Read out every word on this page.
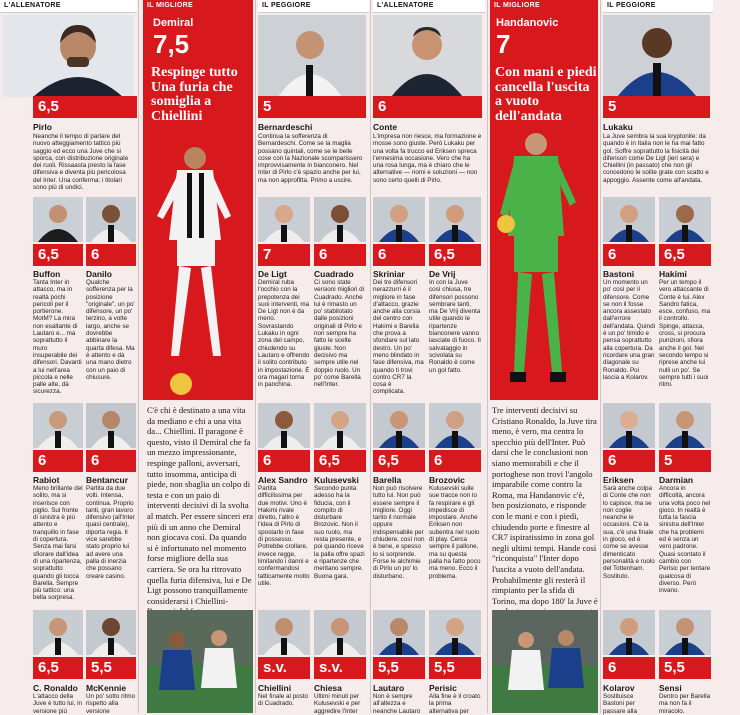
L'ALLENATORE
6,5
Pirlo
Neanche il tempo di parlare del nuovo atteggiamento tattico più saggio ed ecco una Juve che si sporca, con distribuzione originale dei ruoli. Rissaasta presto la fase difensiva e diventa più pericolosa del Inter. Una conferma: i titolari sono più di undici.
6,5	6
Buffon	Danilo
Tanta Inter in attacco, ma in realtà pochi pericoli per il portierone. MotM? La mira non esaltante di Lautaro e... ma soprattutto il muro insuperabile dei difensori. Davanti a lui nell'area piccola e nelle palle alte, dà sicurezza.
Qualche sofferenza per la posizione "originale", un po' difensore, un po' terzino, a volte largo, anche se dovrebbe abbinare la quarta difesa. Ma è attento e dà una mano dietro con un paio di chiusure.
6	6
Rabiot	Bentancur
Meno brillante del solito, ma si inserisce con piglio. Sul fronte di sinistra è più attento e tranquillo in fase di copertura. Senza mai farsi sfiorare dall'idea di una ripartenza, soprattutto quando gli tocca Barella. Sempre più tattico: una bella sorpresa.
Partita da due volti. Intensa, continua. Proprio tanti, gran lavoro difensivo (all'Inter quasi centrale), diporta regia. Il vice sarebbe stato proprio lui ad avere una palla di inerzia che possano creare casino.
6,5	5,5
C. Ronaldo McKennie
L'attacco della Juve è tutto lui, in versione più
Un po' sotto ritmo rispetto alla versione
IL MIGLIORE
Demiral
7,5
Respinge tutto Una furia che somiglia a Chiellini
C'è chi è destinato a una vita da mediano e chi a una vita da... Chiellini. Il paragone è questo, visto il Demiral che fa un mezzo impressionante, respinge palloni, avversari, tutto insomma, anticipa di piede, non sbaglia un colpo di testa e con un paio di interventi decisivi di la svolta al match. Per essere sinceri era più di un anno che Demiral non giocava così. Da quando si è infortunato nel momento forse migliore della sua carriera. Se ora ha ritrovato quella furia difensiva, lui e De Ligt possono tranquillamente considerarsi i Chiellini-
IL PEGGIORE
5
Bernardeschi
Continua la sofferenza di Bernardeschi. Come se la maglia possano quintali, come se le belle cose con la Nazionale scomparissero improvvisamente in bianconero. Nel Inter di Pirlo c'è spazio anche per lui, ma non approfitta. Primo a uscire.
7	6
De Ligt	Cuadrado
Demiral ruba l'occhio con la prepotenza dei suoi interventi, ma De Ligt non è da meno. Sovrastando Lukaku in ogni zona del campo, chiudendo su Lautaro e offrendo il solito contributo in impostazione. È ora magari torna in panchina.
Ci sono state versioni migliori di Cuadrado. Anche lui è rimasto un po' stabilotato dalle posizioni originali di Pirlo e non sempre ha fatto le scelte giuste. Non decisivo ma sempre utile nel doppio ruolo. Un po' come Barella nell'Inter.
6	6,5
Alex Sandro Kulusevski
Partita difficilissima per due motivi. Uno è Hakimi rivale diretto, l'altro è l'idea di Pirlo di spostarlo in fase di possesso. Potrebbe crollare, invece regge, limitando i danni e confermandosi tatticamente molto utile.
Secondo punta adesso ha la fiducia, con il compito di disturbare Brozovic. Non il suo ruolo, ma resta presente, e poi quando riceve la palla offre spazi e ripartenze che meritano sempre. Buona gara.
s.v.	s.v.
Chiellini	Chiesa
Nel finale al posto di Cuadrado.
Ultimi minuti per Kulusevski e per aggredire l'Inter
L'ALLENATORE
6
Conte
L'impresa non riesce, ma formazione e mosse sono giuste. Però Lukaku per una volta fa trucco ed Eriksen spreca l'ennesima occasione. Vero che ha una rosa lunga, ma è chiaro che le alternative — nomi e soluzioni — non sono certo quelli di Pirlo.
6	6,5
Skriniar	De Vrij
Dei tre difensori nerazzurri è il migliore in fase d'attacco, grazie anche alla corsia del centro con Hakimi e Barella che prova a sfondare sul lato destro. Un po' meno blindato in fase difensiva, ma quando ti trovi contro CR7 la cosa è complicata.
In con la Juve così chiusa, tre difensori possono sembrare tanti, ma De Vrij diventa utile quando le ripartenze bianconere vanno lasciate di fuoco. Il salvataggio in scivolata su Ronaldo è come un gol fatto.
6,5	6
Barella	Brozovic
Non può risolvere tutto lui. Non può essere sempre il migliore. Oggi tanto il normale oppure indispensabile per chiudere, così non è bene, e spesso lo si sorprende. Forse le alchimie di Pirlo un po' lo disturbano.
Kulusevski sulle sue tracce non lo fa respirare e gli impedisce di impostare. Anche Eriksen non subentra nel ruolo di play. Cerca sempre il pallone, ma su questa palla ha fatto poco ma meno. Ecco il problema.
5,5	5,5
Lautaro	Perisic
Non è sempre all'altezza e neanche Lautaro
Alla fine è il croato la prima alternativa per
IL MIGLIORE
Handanovic
7
Con mani e piedi cancella l'uscita a vuoto dell'andata
Tre interventi decisivi su Cristiano Ronaldo, la Juve tira meno, è vero, ma centra lo specchio più dell'Inter. Può darsi che le conclusioni non siano memorabili e che il portoghese non trovi l'angolo imparabile come contro la Roma, ma Handanovic c'è, ben posizionato, e risponde con le mani e con i piedi, chiudendo porte e finestre al CR7 ispiratissimo in zona gol negli ultimi tempi. Hande così "riconquista" l'Inter dopo l'uscita a vuoto dell'andata. Probabilmente gli resterà il rimpianto per la sfida di Torino, ma dopo 180' la Juve è
IL PEGGIORE
5
Lukaku
La Juve sembra la sua kryptonite: da quando è in Italia non le ha mai fatto gol. Soffre soprattutto la fisicità dei difensori come De Ligt (ieri sera) e Chiellini (in passato) che non gli concedono le solite grate con scatto e appoggio. Assente come all'andata.
6	6,5
Bastoni	Hakimi
Un momento un po' così per il difensore. Come se non il fosse ancora assestato dall'errore dell'andata. Quindi è un po' timido e pensa soprattutto alla copertura. Da ricordare una gran diagonale su Ronaldo. Poi lascia a Kolarov.
Per un tempo il vero attaccante di Conte è lui. Alex Sandro fatica, esce, confuso, ma il controllo. Spinge, attacca, cross, si procura punizioni, sfiora anche il gol. Nel secondo tempo si riprese anche lui nulli un po'. Se sempre tutti i suoi ritmi.
6	5
Eriksen	Darmian
Sarà anche colpa di Conte che non lo capisce, ma se non coglie neanche le occasioni. C'è la sua, c'è una finale in gioco, ed è come se avesse dimenticato personalità e ruolo del Tottenham. Sostituto.
Ancora in difficoltà, ancora una volta poco nel gioco. In realtà è tutta la fascia sinistra dell'Inter che ha problemi ed è senza un vero padrone. Quasi scontato il cambio con Perisic per tentare qualcosa di diverso. Però invano.
6	5,5
Kolarov	Sensi
Sostituisce Bastoni per passare alla
Dentro per Barella ma non fa il miracolo.
